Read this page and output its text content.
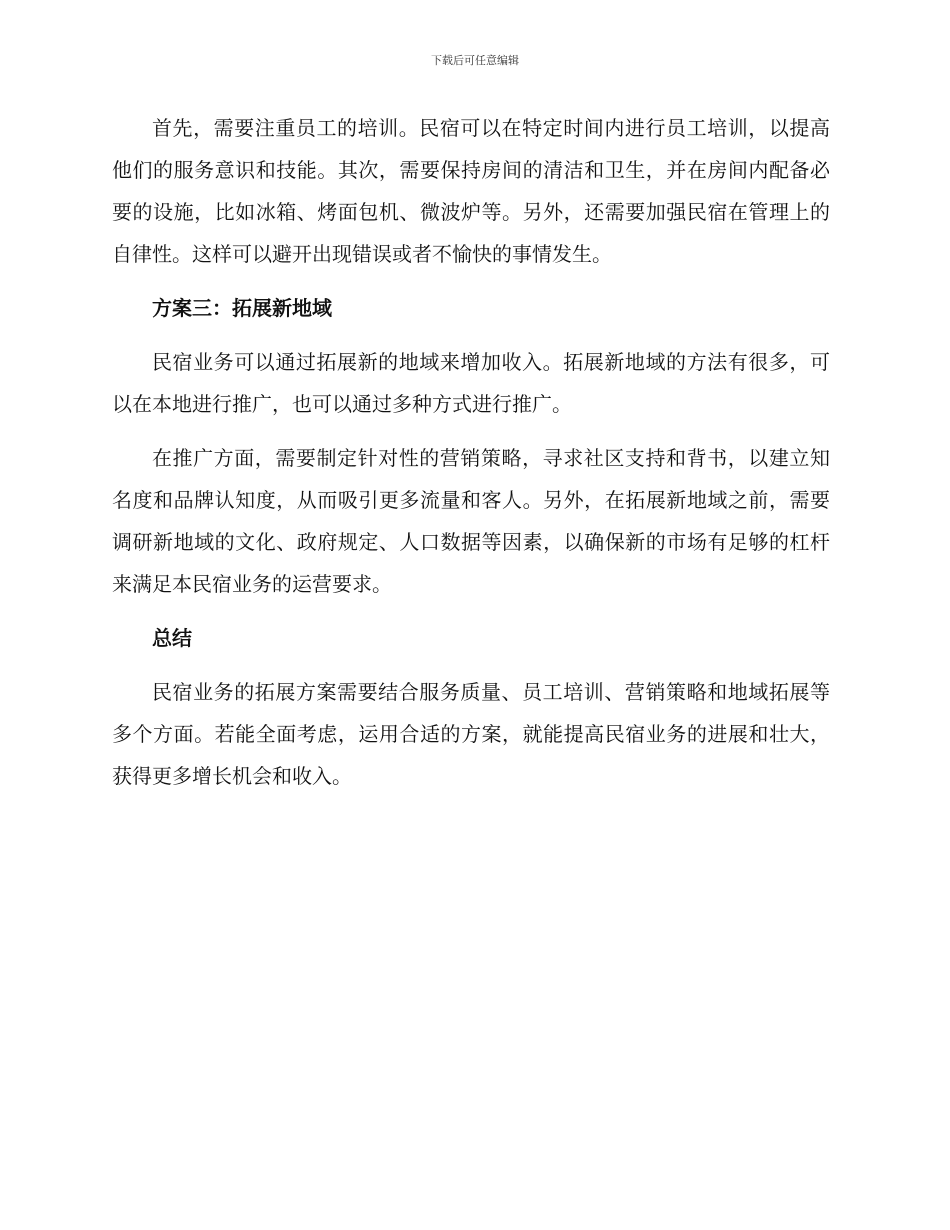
下载后可任意编辑

首先，需要注重员工的培训。民宿可以在特定时间内进行员工培训，以提高他们的服务意识和技能。其次，需要保持房间的清洁和卫生，并在房间内配备必要的设施，比如冰箱、烤面包机、微波炉等。另外，还需要加强民宿在管理上的自律性。这样可以避开出现错误或者不愉快的事情发生。

方案三：拓展新地域

民宿业务可以通过拓展新的地域来增加收入。拓展新地域的方法有很多，可以在本地进行推广，也可以通过多种方式进行推广。

在推广方面，需要制定针对性的营销策略，寻求社区支持和背书，以建立知名度和品牌认知度，从而吸引更多流量和客人。另外，在拓展新地域之前，需要调研新地域的文化、政府规定、人口数据等因素，以确保新的市场有足够的杠杆来满足本民宿业务的运营要求。

总结

民宿业务的拓展方案需要结合服务质量、员工培训、营销策略和地域拓展等多个方面。若能全面考虑，运用合适的方案，就能提高民宿业务的进展和壮大，获得更多增长机会和收入。
